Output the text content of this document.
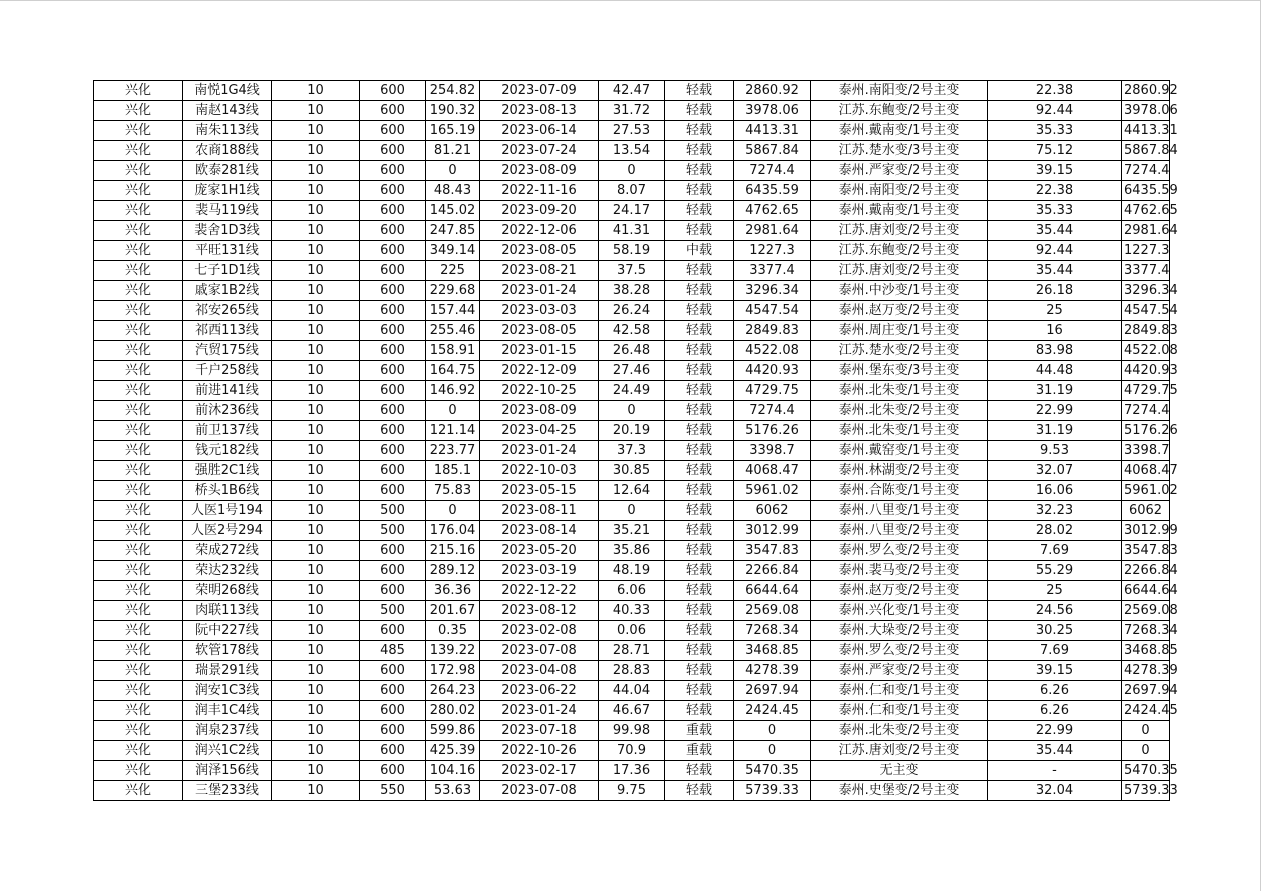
兴化	南悦1G4线	10	600	254.82	2023-07-09	42.47	轻载	2860.92	泰州.南阳变/2号主变	22.38	2860.92
兴化	南赵143线	10	600	190.32	2023-08-13	31.72	轻载	3978.06	江苏.东鲍变/2号主变	92.44	3978.06
兴化	南朱113线	10	600	165.19	2023-06-14	27.53	轻载	4413.31	泰州.戴南变/1号主变	35.33	4413.31
兴化	农商188线	10	600	81.21	2023-07-24	13.54	轻载	5867.84	江苏.楚水变/3号主变	75.12	5867.84
兴化	欧泰281线	10	600	0	2023-08-09	0	轻载	7274.4	泰州.严家变/2号主变	39.15	7274.4
兴化	庞家1H1线	10	600	48.43	2022-11-16	8.07	轻载	6435.59	泰州.南阳变/2号主变	22.38	6435.59
兴化	裴马119线	10	600	145.02	2023-09-20	24.17	轻载	4762.65	泰州.戴南变/1号主变	35.33	4762.65
兴化	裴舍1D3线	10	600	247.85	2022-12-06	41.31	轻载	2981.64	江苏.唐刘变/2号主变	35.44	2981.64
兴化	平旺131线	10	600	349.14	2023-08-05	58.19	中载	1227.3	江苏.东鲍变/2号主变	92.44	1227.3
兴化	七子1D1线	10	600	225	2023-08-21	37.5	轻载	3377.4	江苏.唐刘变/2号主变	35.44	3377.4
兴化	戚家1B2线	10	600	229.68	2023-01-24	38.28	轻载	3296.34	泰州.中沙变/1号主变	26.18	3296.34
兴化	祁安265线	10	600	157.44	2023-03-03	26.24	轻载	4547.54	泰州.赵万变/2号主变	25	4547.54
兴化	祁西113线	10	600	255.46	2023-08-05	42.58	轻载	2849.83	泰州.周庄变/1号主变	16	2849.83
兴化	汽贸175线	10	600	158.91	2023-01-15	26.48	轻载	4522.08	江苏.楚水变/2号主变	83.98	4522.08
兴化	千户258线	10	600	164.75	2022-12-09	27.46	轻载	4420.93	泰州.堡东变/3号主变	44.48	4420.93
兴化	前进141线	10	600	146.92	2022-10-25	24.49	轻载	4729.75	泰州.北朱变/1号主变	31.19	4729.75
兴化	前沐236线	10	600	0	2023-08-09	0	轻载	7274.4	泰州.北朱变/2号主变	22.99	7274.4
兴化	前卫137线	10	600	121.14	2023-04-25	20.19	轻载	5176.26	泰州.北朱变/1号主变	31.19	5176.26
兴化	钱元182线	10	600	223.77	2023-01-24	37.3	轻载	3398.7	泰州.戴窑变/1号主变	9.53	3398.7
兴化	强胜2C1线	10	600	185.1	2022-10-03	30.85	轻载	4068.47	泰州.林湖变/2号主变	32.07	4068.47
兴化	桥头1B6线	10	600	75.83	2023-05-15	12.64	轻载	5961.02	泰州.合陈变/1号主变	16.06	5961.02
兴化	人医1号194	10	500	0	2023-08-11	0	轻载	6062	泰州.八里变/1号主变	32.23	6062
兴化	人医2号294	10	500	176.04	2023-08-14	35.21	轻载	3012.99	泰州.八里变/2号主变	28.02	3012.99
兴化	荣成272线	10	600	215.16	2023-05-20	35.86	轻载	3547.83	泰州.罗么变/2号主变	7.69	3547.83
兴化	荣达232线	10	600	289.12	2023-03-19	48.19	轻载	2266.84	泰州.裴马变/2号主变	55.29	2266.84
兴化	荣明268线	10	600	36.36	2022-12-22	6.06	轻载	6644.64	泰州.赵万变/2号主变	25	6644.64
兴化	肉联113线	10	500	201.67	2023-08-12	40.33	轻载	2569.08	泰州.兴化变/1号主变	24.56	2569.08
兴化	阮中227线	10	600	0.35	2023-02-08	0.06	轻载	7268.34	泰州.大垛变/2号主变	30.25	7268.34
兴化	软管178线	10	485	139.22	2023-07-08	28.71	轻载	3468.85	泰州.罗么变/2号主变	7.69	3468.85
兴化	瑞景291线	10	600	172.98	2023-04-08	28.83	轻载	4278.39	泰州.严家变/2号主变	39.15	4278.39
兴化	润安1C3线	10	600	264.23	2023-06-22	44.04	轻载	2697.94	泰州.仁和变/1号主变	6.26	2697.94
兴化	润丰1C4线	10	600	280.02	2023-01-24	46.67	轻载	2424.45	泰州.仁和变/1号主变	6.26	2424.45
兴化	润泉237线	10	600	599.86	2023-07-18	99.98	重载	0	泰州.北朱变/2号主变	22.99	0
兴化	润兴1C2线	10	600	425.39	2022-10-26	70.9	重载	0	江苏.唐刘变/2号主变	35.44	0
兴化	润泽156线	10	600	104.16	2023-02-17	17.36	轻载	5470.35	无主变	-	5470.35
兴化	三堡233线	10	550	53.63	2023-07-08	9.75	轻载	5739.33	泰州.史堡变/2号主变	32.04	5739.33
